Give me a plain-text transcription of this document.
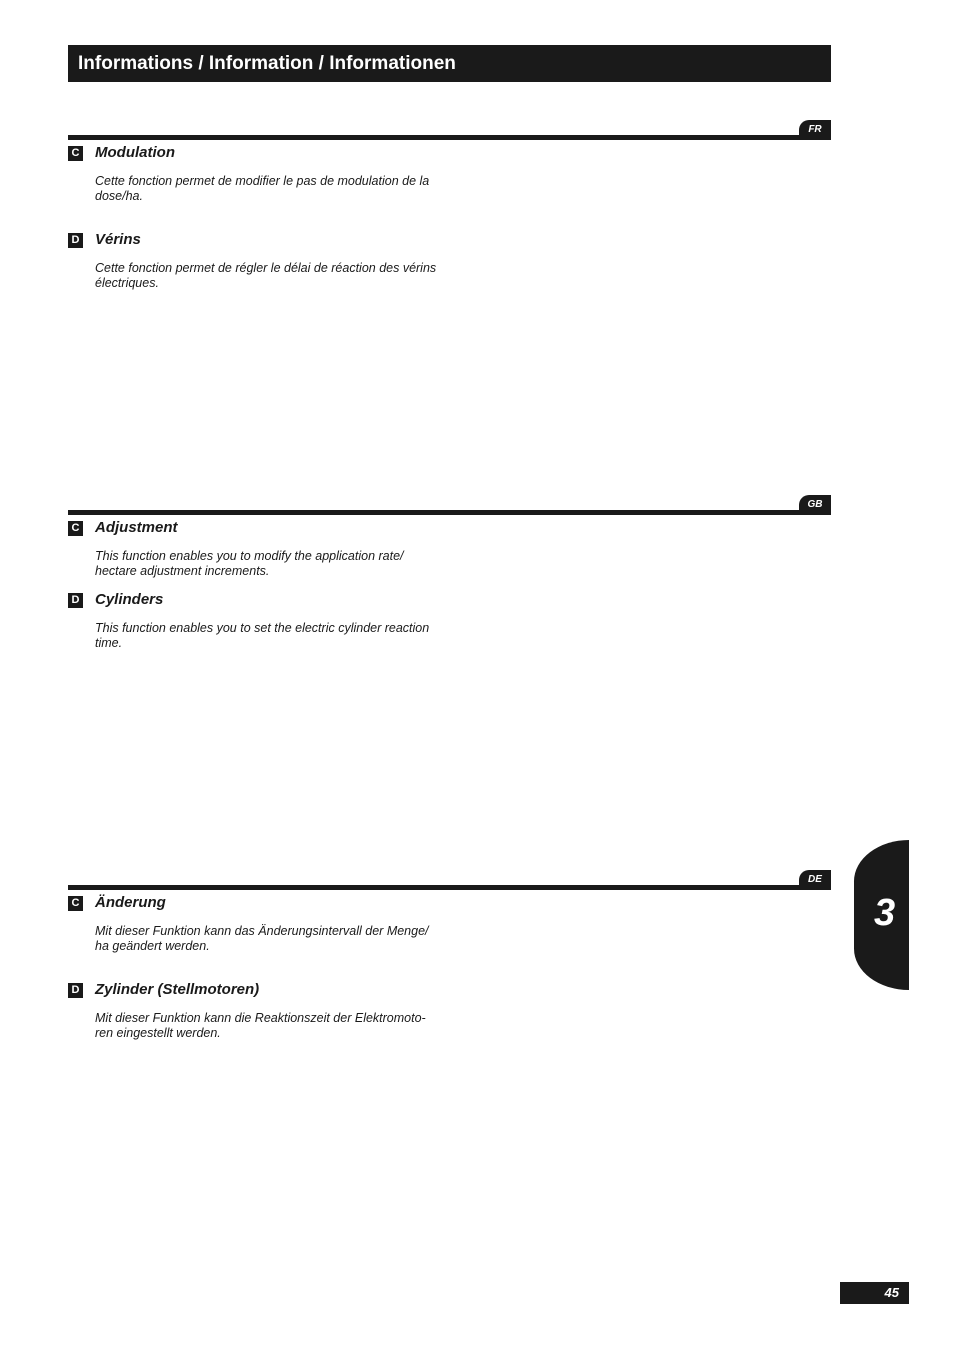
Informations / Information / Informationen
FR
C Modulation
Cette fonction permet de modifier le pas de modulation de la dose/ha.
D Vérins
Cette fonction permet de régler le délai de réaction des vérins électriques.
GB
C Adjustment
This function enables you to modify the application rate/ hectare adjustment increments.
D Cylinders
This function enables you to set the electric cylinder reaction time.
DE
C Änderung
Mit dieser Funktion kann das Änderungsintervall der Menge/ ha geändert werden.
D Zylinder (Stellmotoren)
Mit dieser Funktion kann die Reaktionszeit der Elektromoto- ren eingestellt werden.
3
45
